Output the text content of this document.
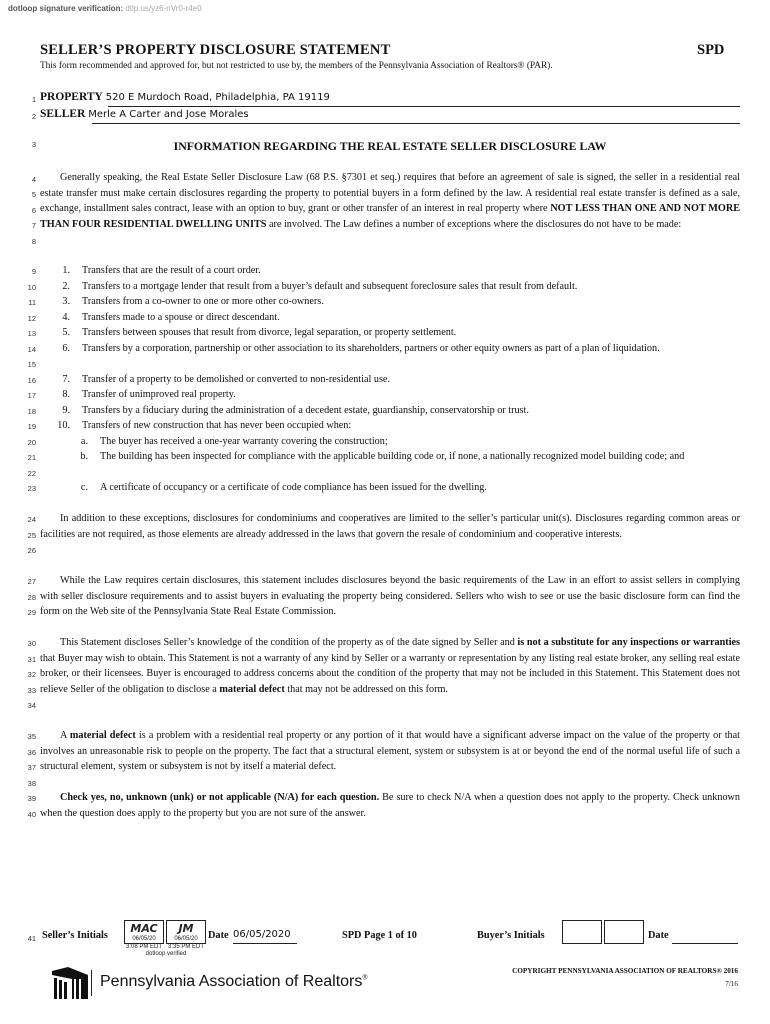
dotloop signature verification: dtlp.us/yz6-nVr0-r4e0
SELLER’S PROPERTY DISCLOSURE STATEMENT	SPD
This form recommended and approved for, but not restricted to use by, the members of the Pennsylvania Association of Realtors® (PAR).
1
2
3
4
5
6
7
8
9
10
11
12
13
14
15
16
17
18
19
20
21
22
23
24
25
26
27
28
29
30
31
32
33
34
35
36
37
38
39
40
41
PROPERTY 520 E Murdoch Road, Philadelphia, PA 19119
SELLER Merle A Carter and Jose Morales
INFORMATION REGARDING THE REAL ESTATE SELLER DISCLOSURE LAW
Generally speaking, the Real Estate Seller Disclosure Law (68 P.S. §7301 et seq.) requires that before an agreement of sale is signed, the seller in a residential real estate transfer must make certain disclosures regarding the property to potential buyers in a form defined by the law. A residential real estate transfer is defined as a sale, exchange, installment sales contract, lease with an option to buy, grant or other transfer of an interest in real property where NOT LESS THAN ONE AND NOT MORE THAN FOUR RESIDENTIAL DWELLING UNITS are involved. The Law defines a number of exceptions where the disclosures do not have to be made:
1. Transfers that are the result of a court order.
2. Transfers to a mortgage lender that result from a buyer’s default and subsequent foreclosure sales that result from default.
3. Transfers from a co-owner to one or more other co-owners.
4. Transfers made to a spouse or direct descendant.
5. Transfers between spouses that result from divorce, legal separation, or property settlement.
6. Transfers by a corporation, partnership or other association to its shareholders, partners or other equity owners as part of a plan of liquidation.
7. Transfer of a property to be demolished or converted to non-residential use.
8. Transfer of unimproved real property.
9. Transfers by a fiduciary during the administration of a decedent estate, guardianship, conservatorship or trust.
10. Transfers of new construction that has never been occupied when:
a. The buyer has received a one-year warranty covering the construction;
b. The building has been inspected for compliance with the applicable building code or, if none, a nationally recognized model building code; and
c. A certificate of occupancy or a certificate of code compliance has been issued for the dwelling.
In addition to these exceptions, disclosures for condominiums and cooperatives are limited to the seller’s particular unit(s). Disclosures regarding common areas or facilities are not required, as those elements are already addressed in the laws that govern the resale of condominium and cooperative interests.
While the Law requires certain disclosures, this statement includes disclosures beyond the basic requirements of the Law in an effort to assist sellers in complying with seller disclosure requirements and to assist buyers in evaluating the property being considered. Sellers who wish to see or use the basic disclosure form can find the form on the Web site of the Pennsylvania State Real Estate Commission.
This Statement discloses Seller’s knowledge of the condition of the property as of the date signed by Seller and is not a substitute for any inspections or warranties that Buyer may wish to obtain. This Statement is not a warranty of any kind by Seller or a warranty or representation by any listing real estate broker, any selling real estate broker, or their licensees. Buyer is encouraged to address concerns about the condition of the property that may not be included in this Statement. This Statement does not relieve Seller of the obligation to disclose a material defect that may not be addressed on this form.
A material defect is a problem with a residential real property or any portion of it that would have a significant adverse impact on the value of the property or that involves an unreasonable risk to people on the property. The fact that a structural element, system or subsystem is at or beyond the end of the normal useful life of such a structural element, system or subsystem is not by itself a material defect.
Check yes, no, unknown (unk) or not applicable (N/A) for each question. Be sure to check N/A when a question does not apply to the property. Check unknown when the question does apply to the property but you are not sure of the answer.
Seller’s Initials
MAC
06/05/20
3:08 PM EDT
JM
06/05/20
3:35 PM EDT
dotloop verified
Date 06/05/2020	SPD Page 1 of 10	Buyer’s Initials	Date
Pennsylvania Association of Realtors®
COPYRIGHT PENNSYLVANIA ASSOCIATION OF REALTORS® 2016
7/16
